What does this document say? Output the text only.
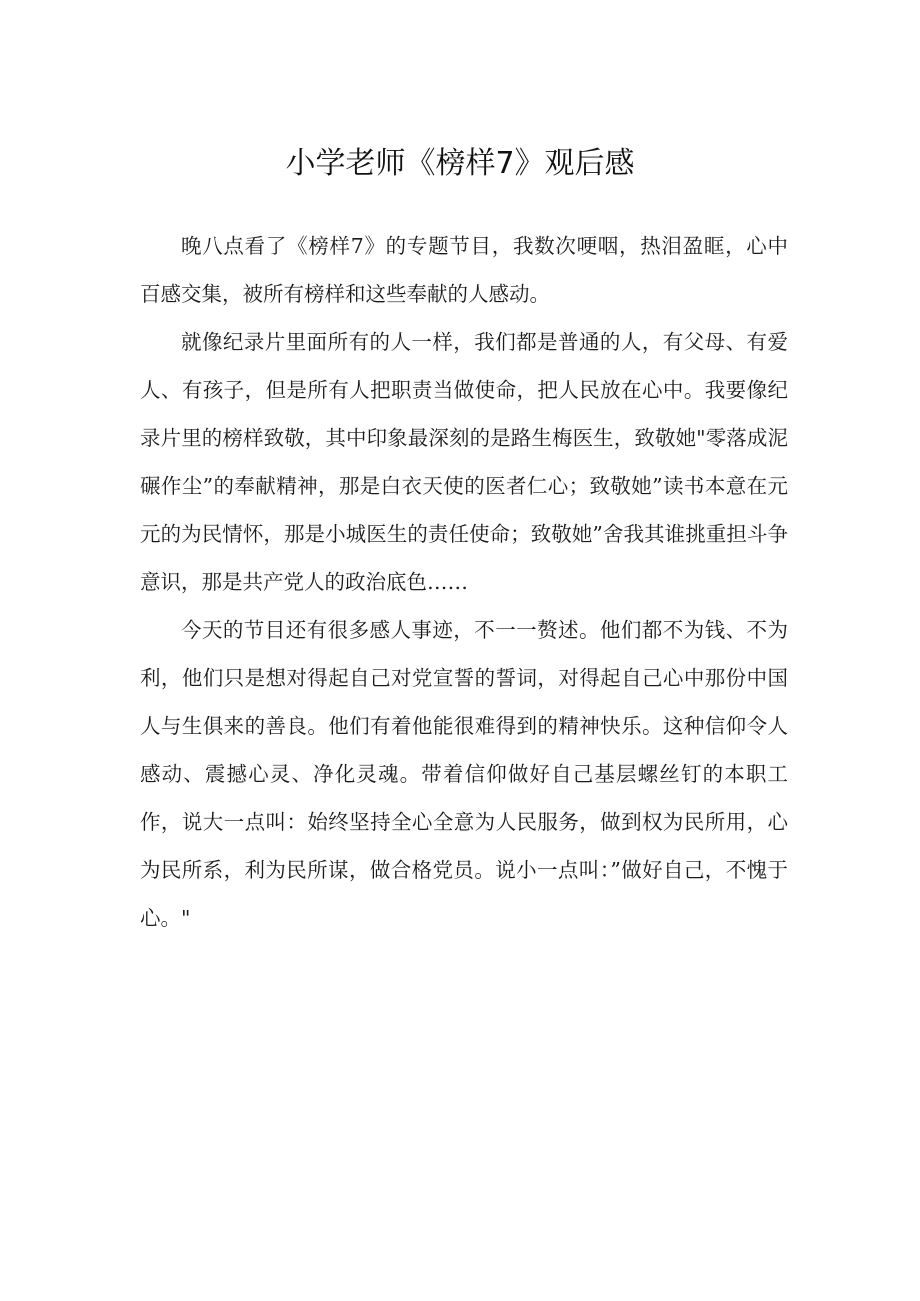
小学老师《榜样7》观后感

晚八点看了《榜样7》的专题节目，我数次哽咽，热泪盈眶，心中百感交集，被所有榜样和这些奉献的人感动。

就像纪录片里面所有的人一样，我们都是普通的人，有父母、有爱人、有孩子，但是所有人把职责当做使命，把人民放在心中。我要像纪录片里的榜样致敬，其中印象最深刻的是路生梅医生，致敬她"零落成泥碾作尘”的奉献精神，那是白衣天使的医者仁心；致敬她”读书本意在元元的为民情怀，那是小城医生的责任使命；致敬她”舍我其谁挑重担斗争意识，那是共产党人的政治底色……

今天的节目还有很多感人事迹，不一一赘述。他们都不为钱、不为利，他们只是想对得起自己对党宣誓的誓词，对得起自己心中那份中国人与生俱来的善良。他们有着他能很难得到的精神快乐。这种信仰令人感动、震撼心灵、净化灵魂。带着信仰做好自己基层螺丝钉的本职工作，说大一点叫：始终坚持全心全意为人民服务，做到权为民所用，心为民所系，利为民所谋，做合格党员。说小一点叫：”做好自己，不愧于心。"
